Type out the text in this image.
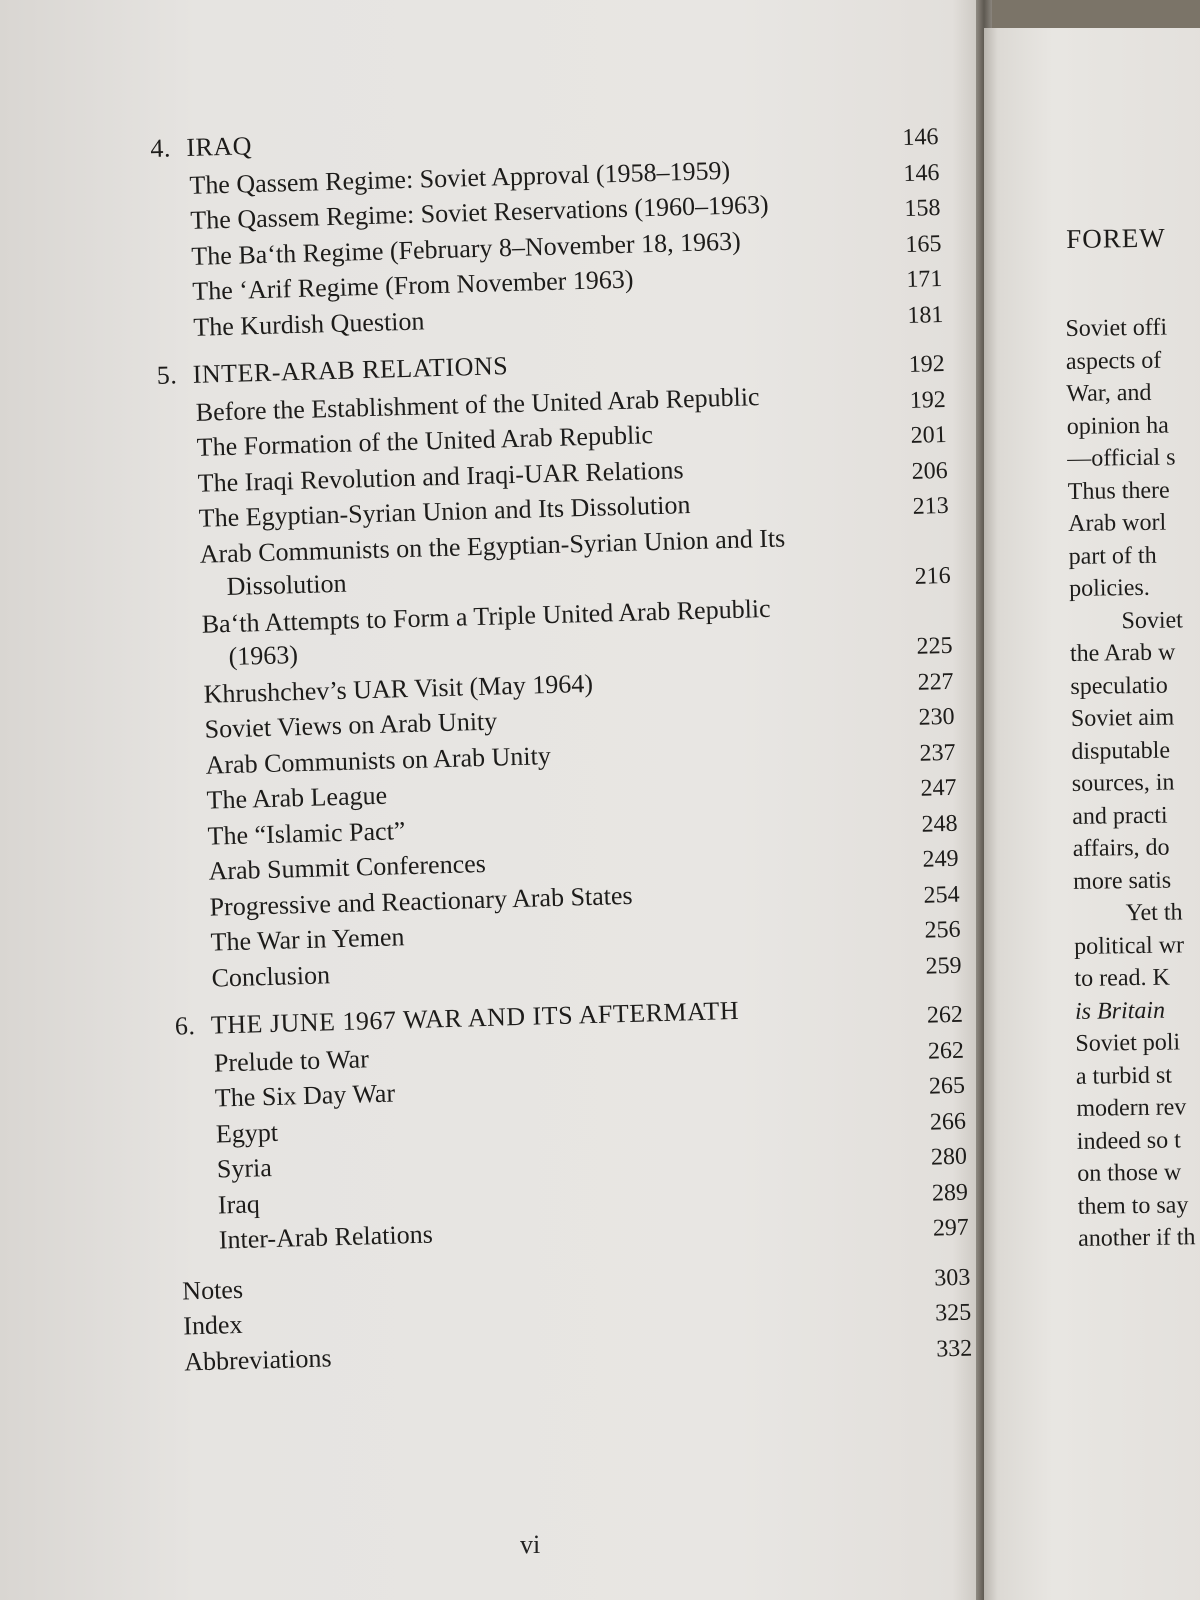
4. IRAQ	146
The Qassem Regime: Soviet Approval (1958–1959)	146
The Qassem Regime: Soviet Reservations (1960–1963)	158
The Ba‘th Regime (February 8–November 18, 1963)	165
The ‘Arif Regime (From November 1963)	171
The Kurdish Question	181
5. INTER-ARAB RELATIONS	192
Before the Establishment of the United Arab Republic	192
The Formation of the United Arab Republic	201
The Iraqi Revolution and Iraqi-UAR Relations	206
The Egyptian-Syrian Union and Its Dissolution	213
Arab Communists on the Egyptian-Syrian Union and Its
Dissolution	216
Ba‘th Attempts to Form a Triple United Arab Republic
(1963)	225
Khrushchev’s UAR Visit (May 1964)	227
Soviet Views on Arab Unity	230
Arab Communists on Arab Unity	237
The Arab League	247
The “Islamic Pact”	248
Arab Summit Conferences	249
Progressive and Reactionary Arab States	254
The War in Yemen	256
Conclusion	259
6. THE JUNE 1967 WAR AND ITS AFTERMATH	262
Prelude to War	262
The Six Day War	265
Egypt	266
Syria	280
Iraq	289
Inter-Arab Relations	297
Notes	303
Index	325
Abbreviations	332
vi
FOREW
Soviet offi
aspects of
War, and
opinion ha
—official s
Thus there
Arab worl
part of th
policies.
Soviet
the Arab w
speculatio
Soviet aim
disputable
sources, in
and practi
affairs, do
more satis
Yet th
political wr
to read. K
is Britain
Soviet poli
a turbid st
modern rev
indeed so t
on those w
them to say
another if th
